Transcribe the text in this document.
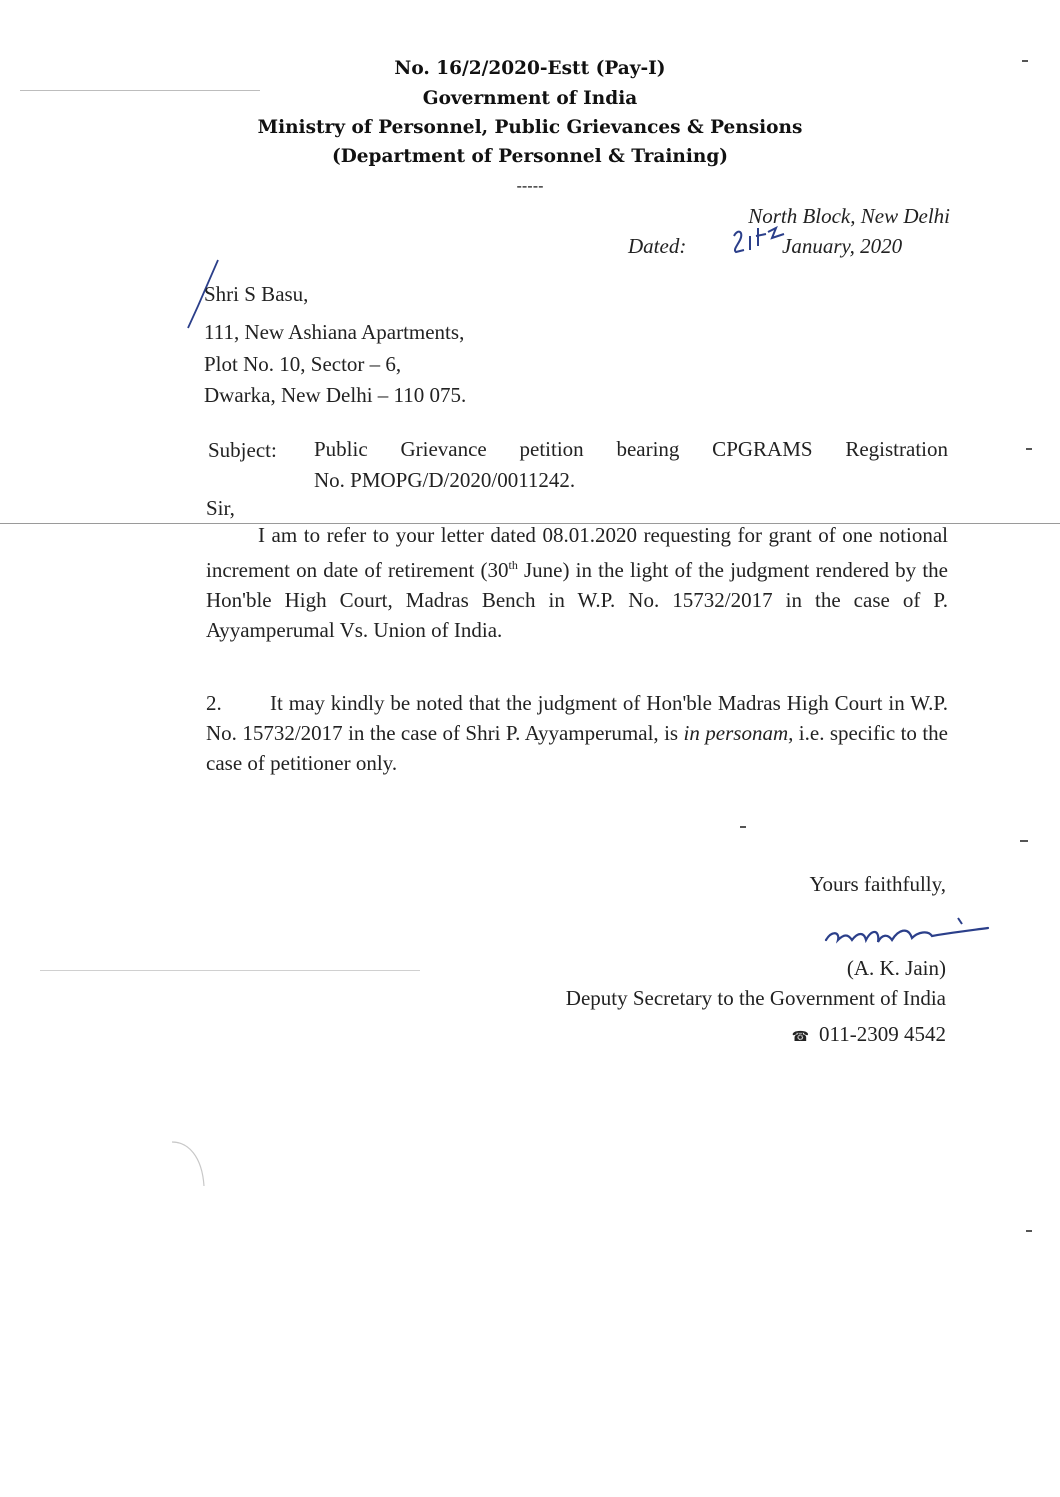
No. 16/2/2020-Estt (Pay-I)
Government of India
Ministry of Personnel, Public Grievances & Pensions
(Department of Personnel & Training)
-----
North Block, New Delhi
Dated:	January, 2020
Shri S Basu,
111, New Ashiana Apartments,
Plot No. 10, Sector – 6,
Dwarka, New Delhi – 110 075.
Subject: Public Grievance petition bearing CPGRAMS Registration
No. PMOPG/D/2020/0011242.
Sir,
I am to refer to your letter dated 08.01.2020 requesting for grant of one notional increment on date of retirement (30th June) in the light of the judgment rendered by the Hon'ble High Court, Madras Bench in W.P. No. 15732/2017 in the case of P. Ayyamperumal Vs. Union of India.
2.	It may kindly be noted that the judgment of Hon'ble Madras High Court in W.P. No. 15732/2017 in the case of Shri P. Ayyamperumal, is in personam, i.e. specific to the case of petitioner only.
Yours faithfully,
(A. K. Jain)
Deputy Secretary to the Government of India
☎ 011-2309 4542
